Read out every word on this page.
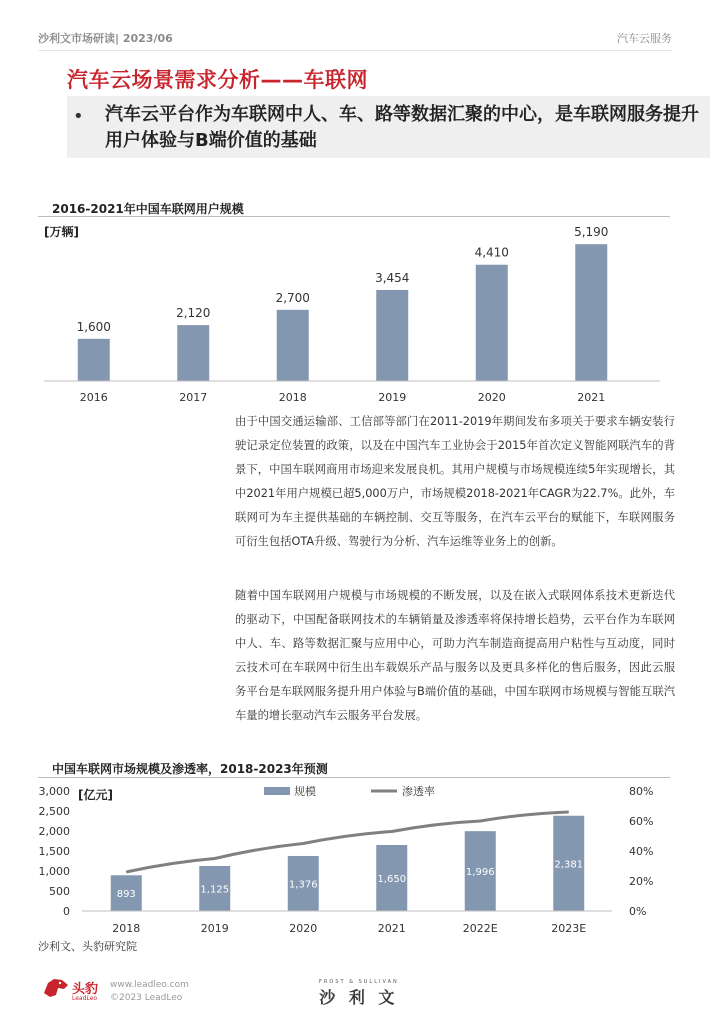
沙利文市场研读| 2023/06	汽车云服务
汽车云场景需求分析——车联网
• 汽车云平台作为车联网中人、车、路等数据汇聚的中心，是车联网服务提升用户体验与B端价值的基础
2016-2021年中国车联网用户规模
[万辆]
1,600
2016
2,120
2017
2,700
2018
3,454
2019
4,410
2020
5,190
2021
由于中国交通运输部、工信部等部门在2011-2019年期间发布多项关于要求车辆安装行驶记录定位装置的政策，以及在中国汽车工业协会于2015年首次定义智能网联汽车的背景下，中国车联网商用市场迎来发展良机。其用户规模与市场规模连续5年实现增长，其中2021年用户规模已超5,000万户，市场规模2018-2021年CAGR为22.7%。此外，车联网可为车主提供基础的车辆控制、交互等服务，在汽车云平台的赋能下，车联网服务可衍生包括OTA升级、驾驶行为分析、汽车运维等业务上的创新。
随着中国车联网用户规模与市场规模的不断发展，以及在嵌入式联网体系技术更新迭代的驱动下，中国配备联网技术的车辆销量及渗透率将保持增长趋势，云平台作为车联网中人、车、路等数据汇聚与应用中心，可助力汽车制造商提高用户粘性与互动度，同时云技术可在车联网中衍生出车载娱乐产品与服务以及更具多样化的售后服务，因此云服务平台是车联网服务提升用户体验与B端价值的基础，中国车联网市场规模与智能互联汽车量的增长驱动汽车云服务平台发展。
中国车联网市场规模及渗透率，2018-2023年预测
[亿元]	规模	渗透率
0
500
1,000
1,500
2,000
2,500
3,000
0%
20%
40%
60%
80%
893
2018
1,125
2019
1,376
2020
1,650
2021
1,996
2022E
2,381
2023E
沙利文、头豹研究院
头豹
LeadLeo
www.leadleo.com
©2023 LeadLeo
FROST & SULLIVAN
沙 利 文
